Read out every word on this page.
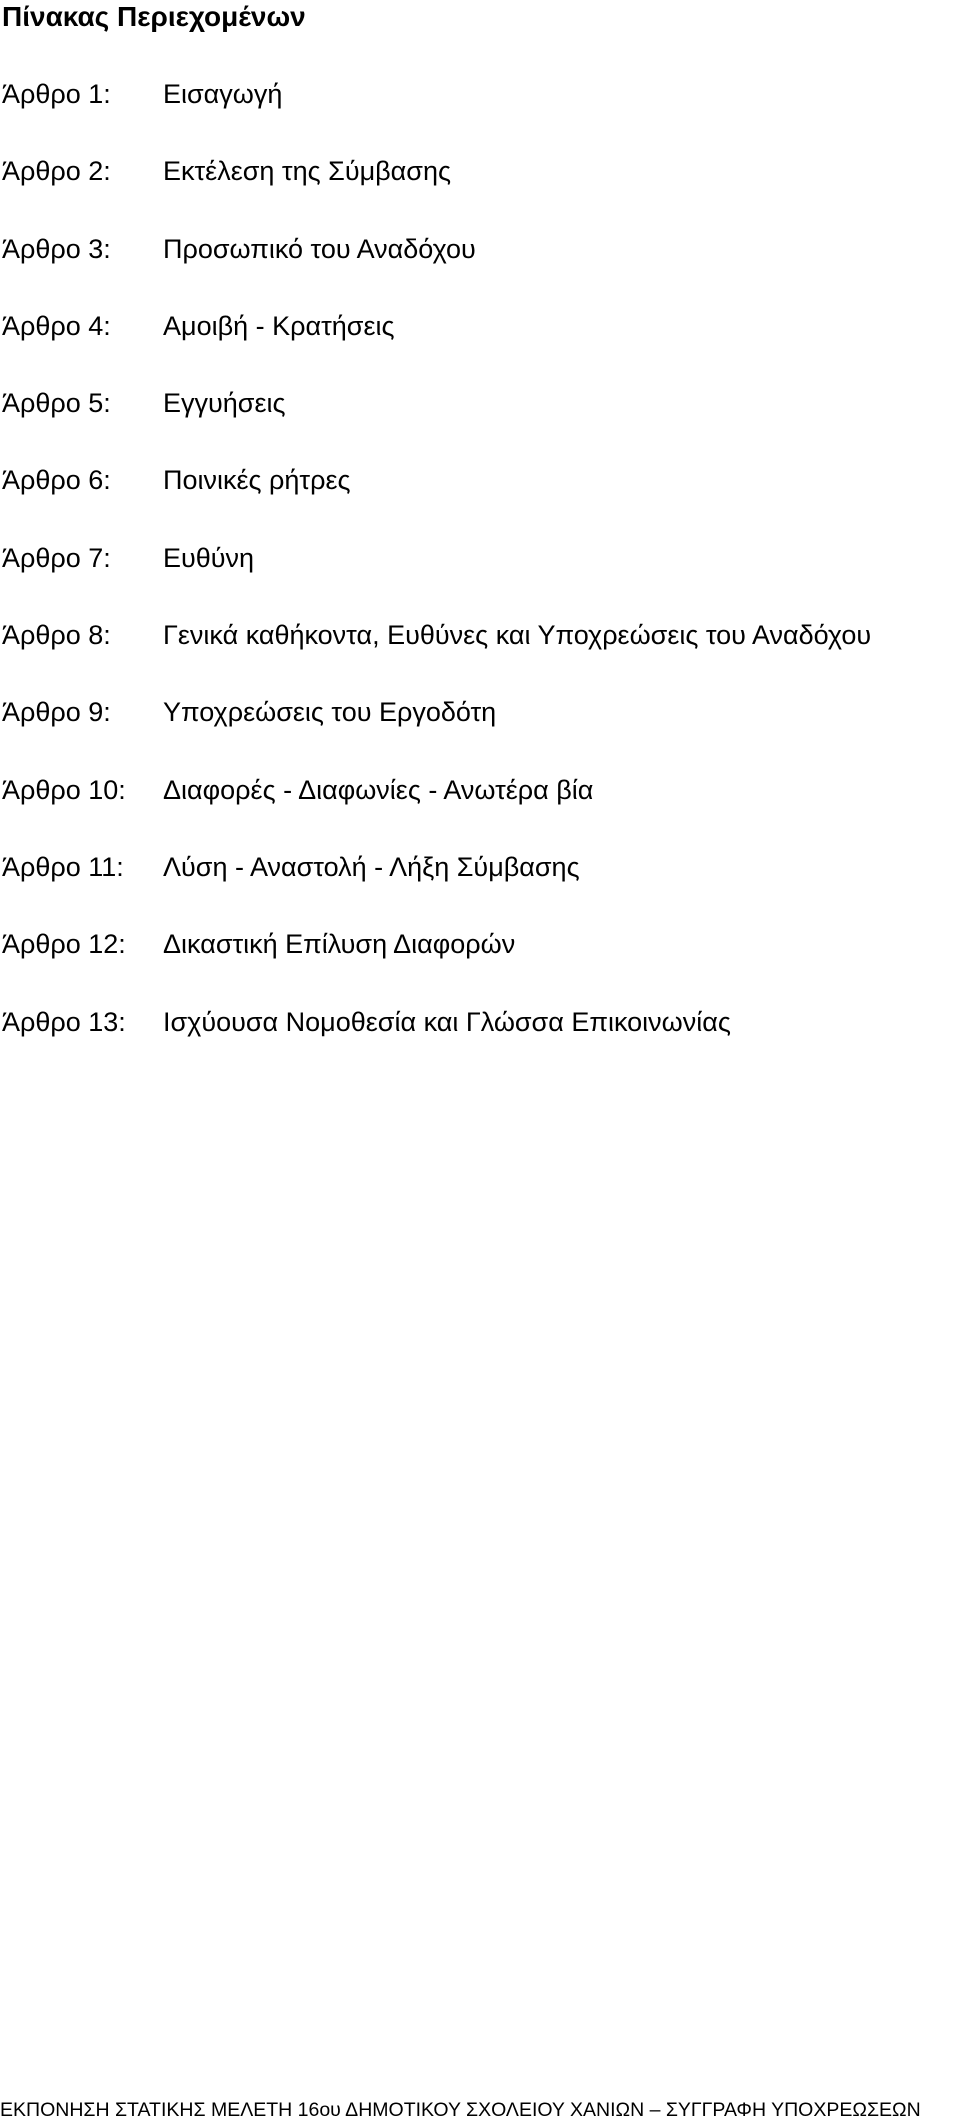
Πίνακας Περιεχομένων
Άρθρο 1:	Εισαγωγή
Άρθρο 2:	Εκτέλεση της Σύμβασης
Άρθρο 3:	Προσωπικό του Αναδόχου
Άρθρο 4:	Αμοιβή - Κρατήσεις
Άρθρο 5:	Εγγυήσεις
Άρθρο 6:	Ποινικές ρήτρες
Άρθρο 7:	Ευθύνη
Άρθρο 8:	Γενικά καθήκοντα, Ευθύνες και Υποχρεώσεις του Αναδόχου
Άρθρο 9:	Υποχρεώσεις του Εργοδότη
Άρθρο 10:	Διαφορές - Διαφωνίες - Ανωτέρα βία
Άρθρο 11:	Λύση - Αναστολή - Λήξη Σύμβασης
Άρθρο 12:	Δικαστική Επίλυση Διαφορών
Άρθρο 13:	Ισχύουσα Νομοθεσία και Γλώσσα Επικοινωνίας
ΕΚΠΟΝΗΣΗ ΣΤΑΤΙΚΗΣ ΜΕΛΕΤΗ 16ου ΔΗΜΟΤΙΚΟΥ ΣΧΟΛΕΙΟΥ ΧΑΝΙΩΝ – ΣΥΓΓΡΑΦΗ ΥΠΟΧΡΕΩΣΕΩΝ
